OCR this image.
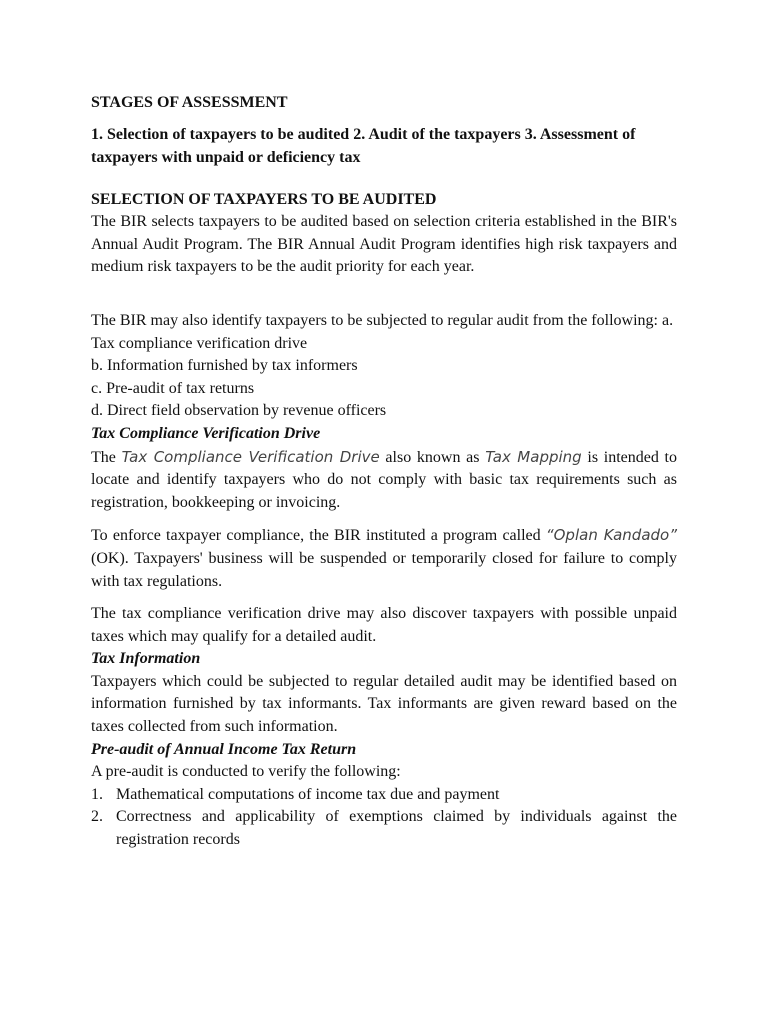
STAGES OF ASSESSMENT

1. Selection of taxpayers to be audited 2. Audit of the taxpayers 3. Assessment of taxpayers with unpaid or deficiency tax

SELECTION OF TAXPAYERS TO BE AUDITED

The BIR selects taxpayers to be audited based on selection criteria established in the BIR's Annual Audit Program. The BIR Annual Audit Program identifies high risk taxpayers and medium risk taxpayers to be the audit priority for each year.

The BIR may also identify taxpayers to be subjected to regular audit from the following: a. Tax compliance verification drive

b. Information furnished by tax informers

c. Pre-audit of tax returns

d. Direct field observation by revenue officers

Tax Compliance Verification Drive

The Tax Compliance Verification Drive also known as Tax Mapping is intended to locate and identify taxpayers who do not comply with basic tax requirements such as registration, bookkeeping or invoicing.

To enforce taxpayer compliance, the BIR instituted a program called “Oplan Kandado” (OK). Taxpayers' business will be suspended or temporarily closed for failure to comply with tax regulations.

The tax compliance verification drive may also discover taxpayers with possible unpaid taxes which may qualify for a detailed audit.

Tax Information

Taxpayers which could be subjected to regular detailed audit may be identified based on information furnished by tax informants. Tax informants are given reward based on the taxes collected from such information.

Pre-audit of Annual Income Tax Return

A pre-audit is conducted to verify the following:

1. Mathematical computations of income tax due and payment
2. Correctness and applicability of exemptions claimed by individuals against the registration records
